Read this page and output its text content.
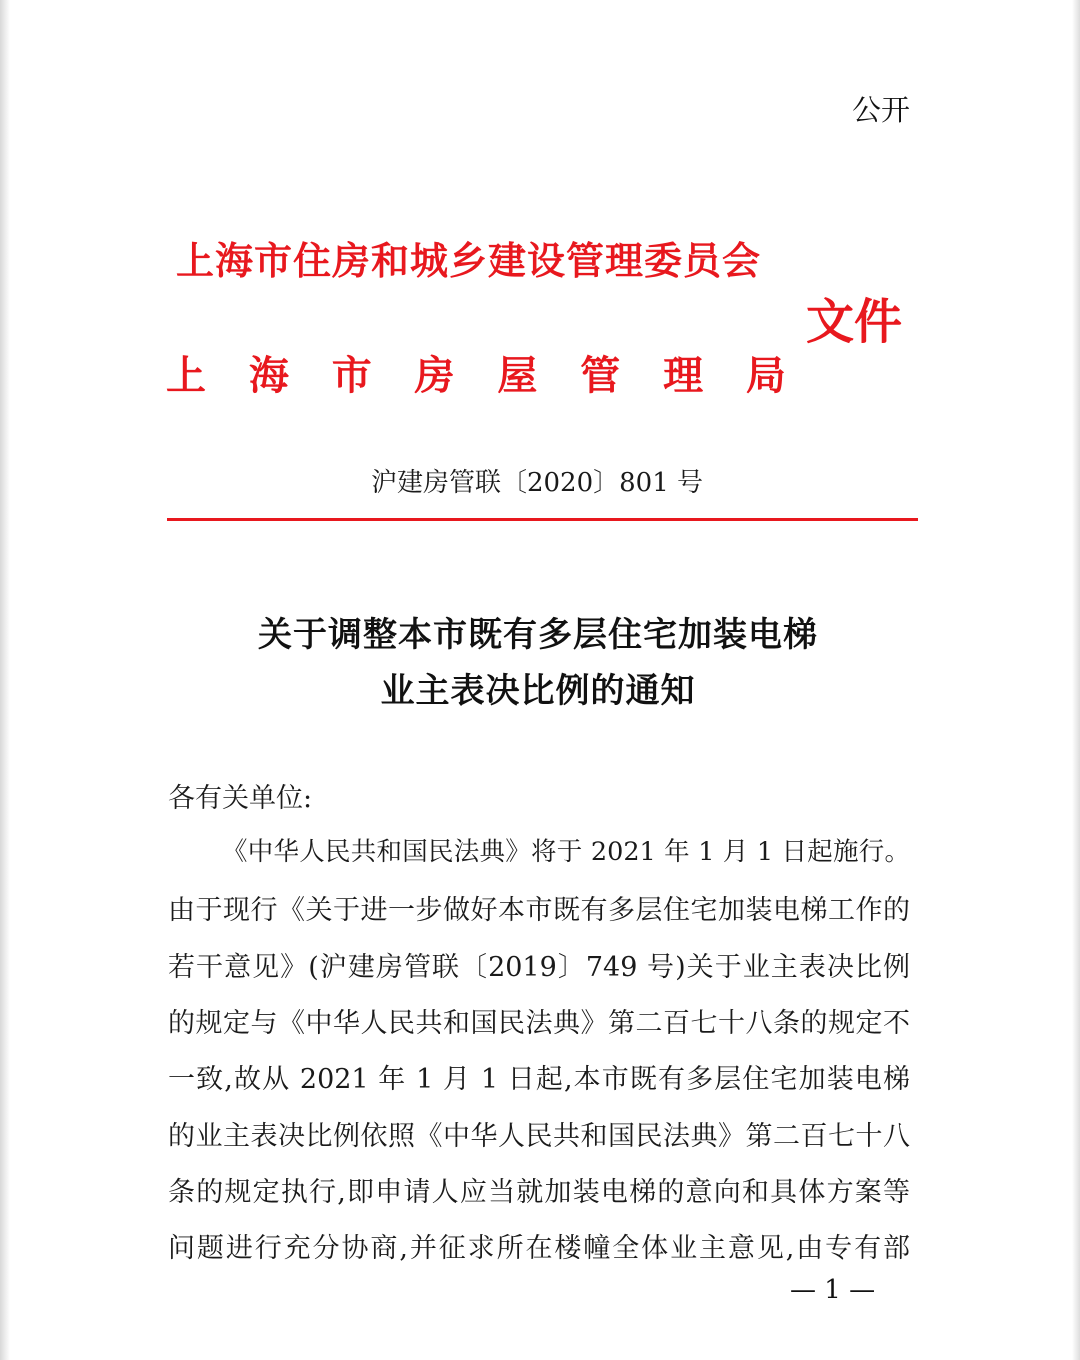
公开
上海市住房和城乡建设管理委员会
上 海 市 房 屋 管 理 局
文件
沪建房管联〔2020〕801 号
关于调整本市既有多层住宅加装电梯
业主表决比例的通知
各有关单位:
《中华人民共和国民法典》将于 2021 年 1 月 1 日起施行。
由于现行《关于进一步做好本市既有多层住宅加装电梯工作的
若干意见》(沪建房管联〔2019〕749 号)关于业主表决比例
的规定与《中华人民共和国民法典》第二百七十八条的规定不
一致,故从 2021 年 1 月 1 日起,本市既有多层住宅加装电梯
的业主表决比例依照《中华人民共和国民法典》第二百七十八
条的规定执行,即申请人应当就加装电梯的意向和具体方案等
问题进行充分协商,并征求所在楼幢全体业主意见,由专有部
— 1 —
